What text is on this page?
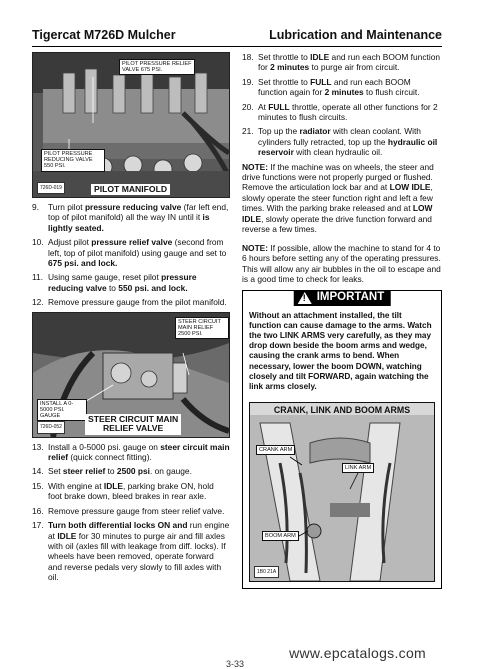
Tigercat M726D Mulcher	Lubrication and Maintenance
PILOT PRESSURE RELIEF VALVE 675 PSI.
PILOT PRESSURE REDUCING VALVE 550 PSI.
726D-019	PILOT MANIFOLD
9. Turn pilot pressure reducing valve (far left end, top of pilot manifold) all the way IN until it is lightly seated.
10. Adjust pilot pressure relief valve (second from left, top of pilot manifold) using gauge and set to 675 psi. and lock.
11. Using same gauge, reset pilot pressure reducing valve to 550 psi. and lock.
12. Remove pressure gauge from the pilot manifold.
STEER CIRCUIT MAIN RELIEF 2500 PSI.
INSTALL A 0-5000 PSI. GAUGE
726D-052
STEER CIRCUIT MAIN
RELIEF VALVE
13. Install a 0-5000 psi. gauge on steer circuit main relief (quick connect fitting).
14. Set steer relief to 2500 psi. on gauge.
15. With engine at IDLE, parking brake ON, hold foot brake down, bleed brakes in rear axle.
16. Remove pressure gauge from steer relief valve.
17. Turn both differential locks ON and run engine at IDLE for 30 minutes to purge air and fill axles with oil (axles fill with leakage from diff. locks). If wheels have been removed, operate forward and reverse pedals very slowly to fill axles with oil.
18. Set throttle to IDLE and run each BOOM function for 2 minutes to purge air from circuit.
19. Set throttle to FULL and run each BOOM function again for 2 minutes to flush circuit.
20. At FULL throttle, operate all other functions for 2 minutes to flush circuits.
21. Top up the radiator with clean coolant. With cylinders fully retracted, top up the hydraulic oil reservoir with clean hydraulic oil.

NOTE: If the machine was on wheels, the steer and drive functions were not properly purged or flushed. Remove the articulation lock bar and at LOW IDLE, slowly operate the steer function right and left a few times. With the parking brake released and at LOW IDLE, slowly operate the drive function forward and reverse a few times.

NOTE: If possible, allow the machine to stand for 4 to 6 hours before setting any of the operating pressures. This will allow any air bubbles in the oil to escape and is a good time to check for leaks.

!
IMPORTANT
Without an attachment installed, the tilt function can cause damage to the arms. Watch the two LINK ARMS very carefully, as they may drop down beside the boom arms and wedge, causing the crank arms to bend. When necessary, lower the boom DOWN, watching closely and tilt FORWARD, again watching the link arms closely.
CRANK, LINK AND BOOM ARMS
CRANK ARM
LINK ARM
BOOM ARM
1B0 21A
www.epcatalogs.com
3-33
